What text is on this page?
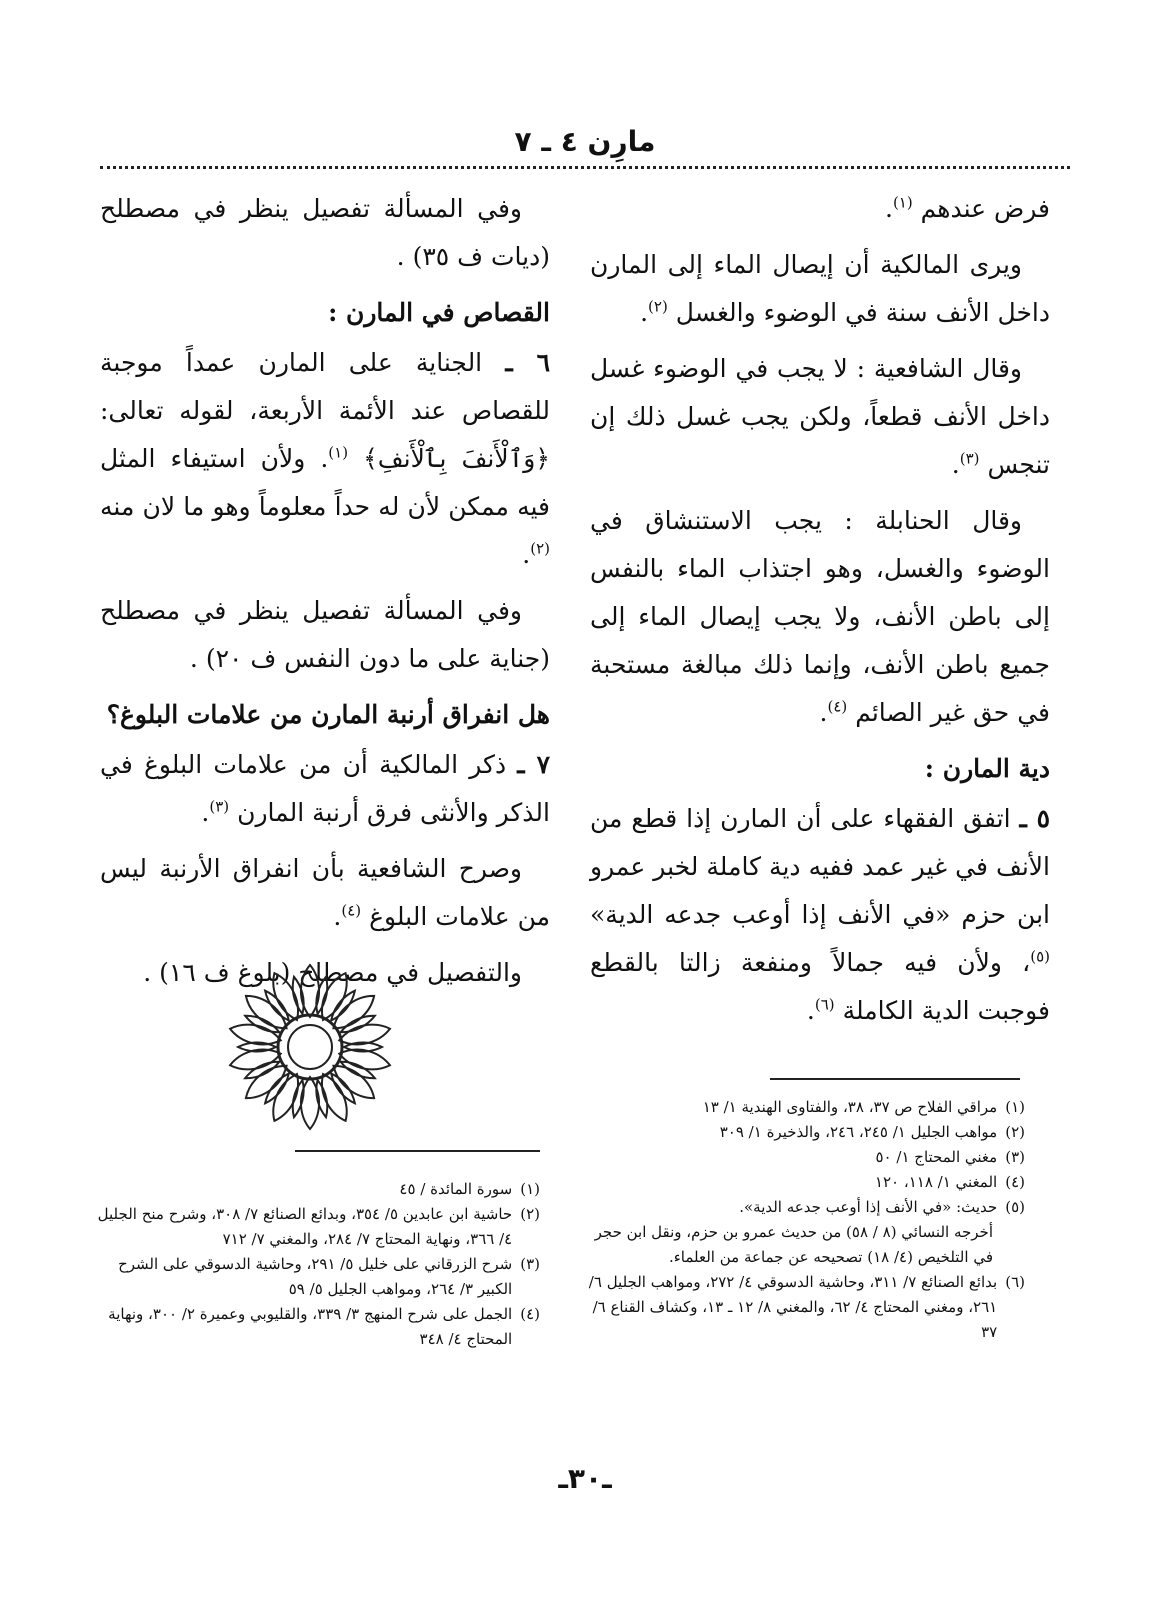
مارِن ٤ ـ ٧

فرض عندهم $^{(١)}$.

ويرى المالكية أن إيصال الماء إلى المارن داخل الأنف سنة في الوضوء والغسل $^{(٢)}$.

وقال الشافعية : لا يجب في الوضوء غسل داخل الأنف قطعاً، ولكن يجب غسل ذلك إن تنجس $^{(٣)}$.

وقال الحنابلة : يجب الاستنشاق في الوضوء والغسل، وهو اجتذاب الماء بالنفس إلى باطن الأنف، ولا يجب إيصال الماء إلى جميع باطن الأنف، وإنما ذلك مبالغة مستحبة في حق غير الصائم $^{(٤)}$.

دية المارن :

٥ ـ اتفق الفقهاء على أن المارن إذا قطع من الأنف في غير عمد ففيه دية كاملة لخبر عمرو ابن حزم «في الأنف إذا أوعب جدعه الدية» $^{(٥)}$، ولأن فيه جمالاً ومنفعة زالتا بالقطع فوجبت الدية الكاملة $^{(٦)}$.

وفي المسألة تفصيل ينظر في مصطلح (ديات ف ٣٥) .

القصاص في المارن :

٦ ـ الجناية على المارن عمداً موجبة للقصاص عند الأئمة الأربعة، لقوله تعالى: ﴿وَٱلْأَنفَ بِٱلْأَنفِ﴾ $^{(١)}$. ولأن استيفاء المثل فيه ممكن لأن له حداً معلوماً وهو ما لان منه $^{(٢)}$.

وفي المسألة تفصيل ينظر في مصطلح (جناية على ما دون النفس ف ٢٠) .

هل انفراق أرنبة المارن من علامات البلوغ؟

٧ ـ ذكر المالكية أن من علامات البلوغ في الذكر والأنثى فرق أرنبة المارن $^{(٣)}$.

وصرح الشافعية بأن انفراق الأرنبة ليس من علامات البلوغ $^{(٤)}$.

والتفصيل في مصطلح (بلوغ ف ١٦) .

(١)
مراقي الفلاح ص ٣٧، ٣٨، والفتاوى الهندية ١/ ١٣
(٢)
مواهب الجليل ١/ ٢٤٥، ٢٤٦، والذخيرة ١/ ٣٠٩
(٣)
مغني المحتاج ١/ ٥٠
(٤)
المغني ١/ ١١٨، ١٢٠
(٥)
حديث: «في الأنف إذا أوعب جدعه الدية».
أخرجه النسائي (٨ / ٥٨) من حديث عمرو بن حزم، ونقل ابن حجر في التلخيص (٤/ ١٨) تصحيحه عن جماعة من العلماء.
(٦)
بدائع الصنائع ٧/ ٣١١، وحاشية الدسوقي ٤/ ٢٧٢، ومواهب الجليل ٦/ ٢٦١، ومغني المحتاج ٤/ ٦٢، والمغني ٨/ ١٢ ـ ١٣، وكشاف القناع ٦/ ٣٧
(١)
سورة المائدة / ٤٥
(٢)
حاشية ابن عابدين ٥/ ٣٥٤، وبدائع الصنائع ٧/ ٣٠٨، وشرح منح الجليل ٤/ ٣٦٦، ونهاية المحتاج ٧/ ٢٨٤، والمغني ٧/ ٧١٢
(٣)
شرح الزرقاني على خليل ٥/ ٢٩١، وحاشية الدسوقي على الشرح الكبير ٣/ ٢٦٤، ومواهب الجليل ٥/ ٥٩
(٤)
الجمل على شرح المنهج ٣/ ٣٣٩، والقليوبي وعميرة ٢/ ٣٠٠، ونهاية المحتاج ٤/ ٣٤٨
ـ٣٠ـ
